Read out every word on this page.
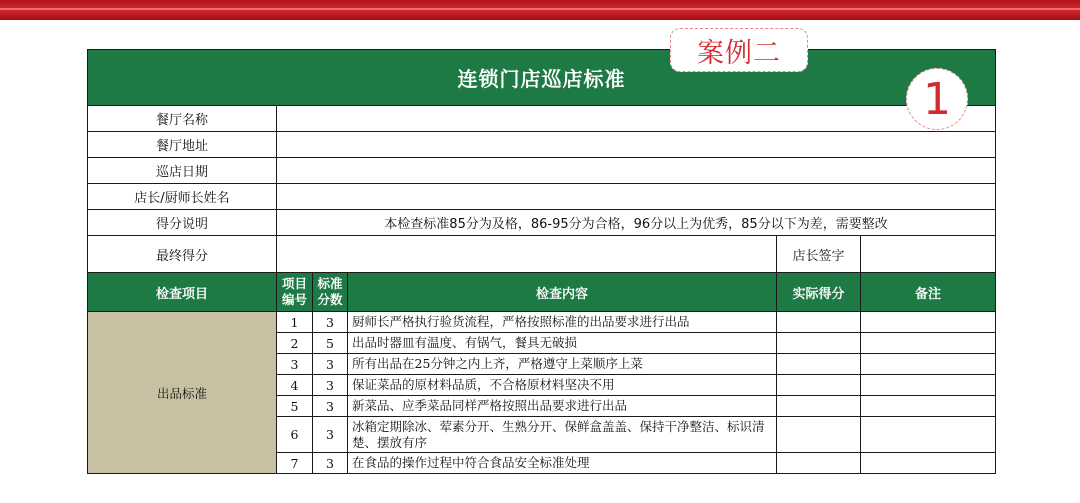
连锁门店巡店标准					
餐厅名称					
餐厅地址					
巡店日期					
店长/厨师长姓名					
得分说明	本检查标准85分为及格，86-95分为合格，96分以上为优秀，85分以下为差，需要整改				
最终得分				店长签字	
检查项目	项目编号	标准分数	检查内容	实际得分	备注
出品标准	1	3	厨师长严格执行验货流程，严格按照标准的出品要求进行出品		
	2	5	出品时器皿有温度、有锅气，餐具无破损		
	3	3	所有出品在25分钟之内上齐，严格遵守上菜顺序上菜		
	4	3	保证菜品的原材料品质，不合格原材料坚决不用		
	5	3	新菜品、应季菜品同样严格按照出品要求进行出品		
	6	3	冰箱定期除冰、荤素分开、生熟分开、保鲜盒盖盖、保持干净整洁、标识清楚、摆放有序		
	7	3	在食品的操作过程中符合食品安全标准处理		
案例二
1
